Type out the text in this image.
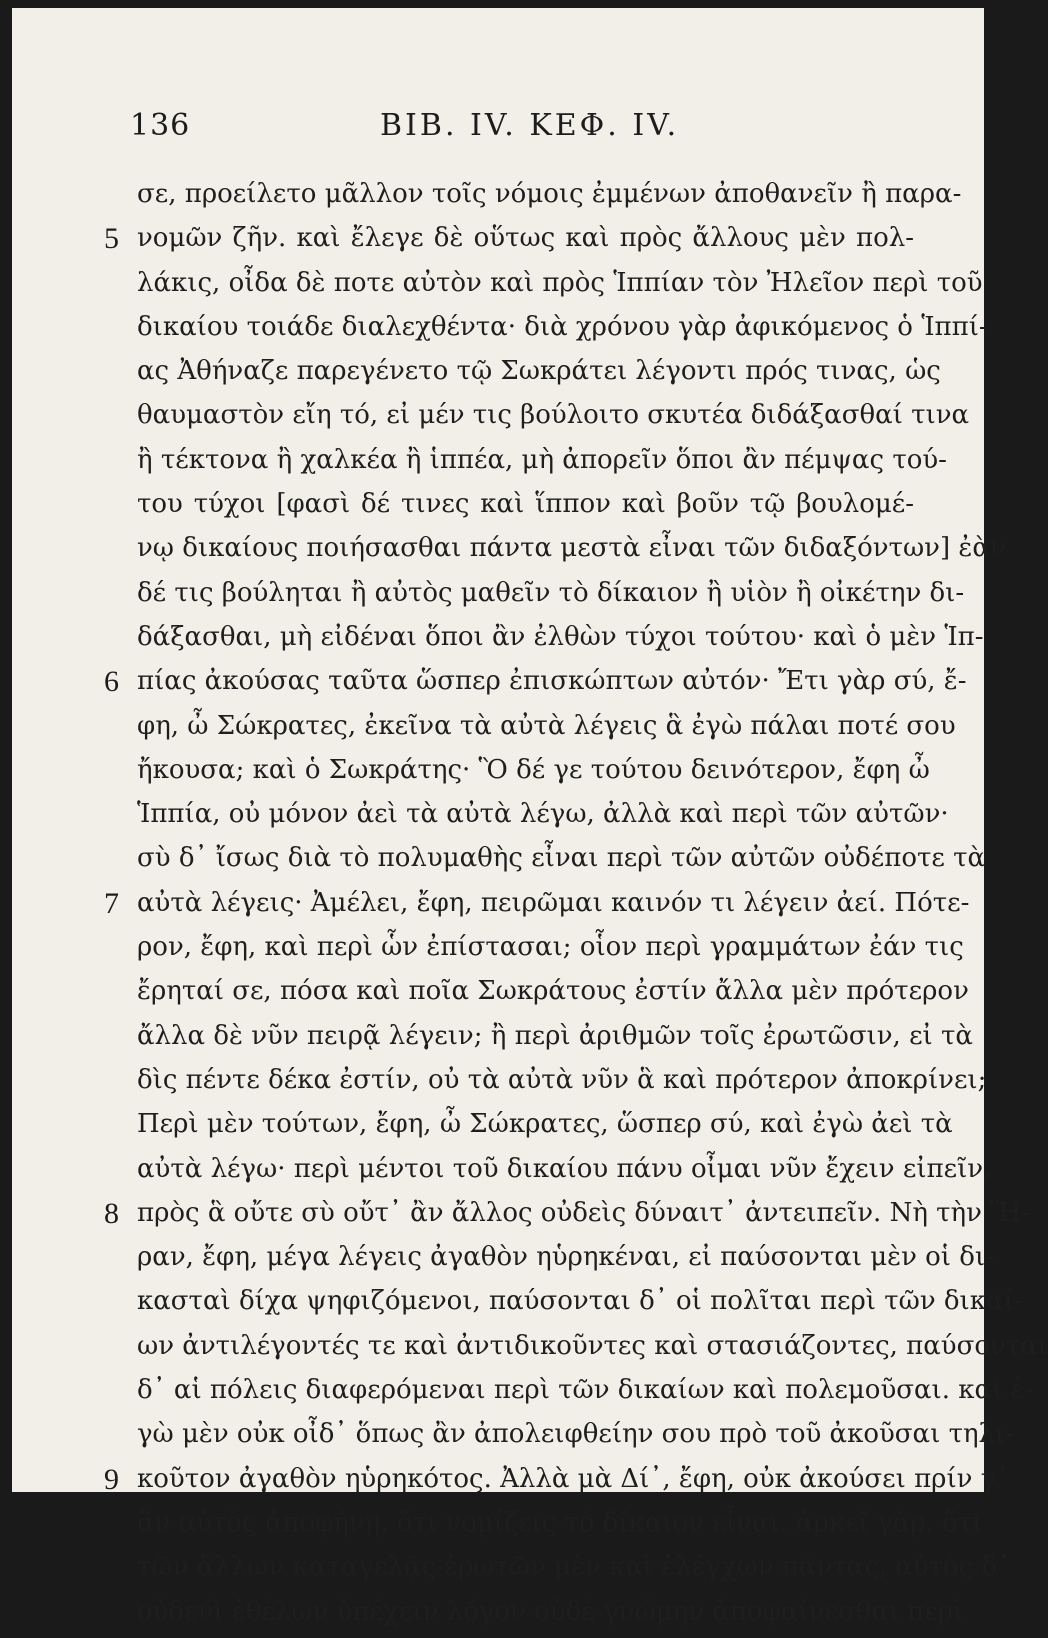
136	ΒΙΒ. IV. ΚΕΦ. IV.
σε, προείλετο μᾶλλον τοῖς νόμοις ἐμμένων ἀποθανεῖν ἢ παρα-
5 νομῶν ζῆν. καὶ ἔλεγε δὲ οὕτως καὶ πρὸς ἄλλους μὲν πολ-
λάκις, οἶδα δὲ ποτε αὐτὸν καὶ πρὸς Ἱππίαν τὸν Ἠλεῖον περὶ τοῦ
δικαίου τοιάδε διαλεχθέντα· διὰ χρόνου γὰρ ἀφικόμενος ὁ Ἱππί-
ας Ἀθήναζε παρεγένετο τῷ Σωκράτει λέγοντι πρός τινας, ὡς
θαυμαστὸν εἴη τό, εἰ μέν τις βούλοιτο σκυτέα διδάξασθαί τινα
ἢ τέκτονα ἢ χαλκέα ἢ ἱππέα, μὴ ἀπορεῖν ὅποι ἂν πέμψας τού-
του τύχοι [φασὶ δέ τινες καὶ ἵππον καὶ βοῦν τῷ βουλομέ-
νῳ δικαίους ποιήσασθαι πάντα μεστὰ εἶναι τῶν διδαξόντων] ἐὰν
δέ τις βούληται ἢ αὐτὸς μαθεῖν τὸ δίκαιον ἢ υἱὸν ἢ οἰκέτην δι-
δάξασθαι, μὴ εἰδέναι ὅποι ἂν ἐλθὼν τύχοι τούτου· καὶ ὁ μὲν Ἱπ-
6 πίας ἀκούσας ταῦτα ὥσπερ ἐπισκώπτων αὐτόν· Ἔτι γὰρ σύ, ἔ-
φη, ὦ Σώκρατες, ἐκεῖνα τὰ αὐτὰ λέγεις ἃ ἐγὼ πάλαι ποτέ σου
ἤκουσα; καὶ ὁ Σωκράτης· Ὃ δέ γε τούτου δεινότερον, ἔφη ὦ
Ἱππία, οὐ μόνον ἀεὶ τὰ αὐτὰ λέγω, ἀλλὰ καὶ περὶ τῶν αὐτῶν·
σὺ δ᾽ ἴσως διὰ τὸ πολυμαθὴς εἶναι περὶ τῶν αὐτῶν οὐδέποτε τὰ
7 αὐτὰ λέγεις· Ἀμέλει, ἔφη, πειρῶμαι καινόν τι λέγειν ἀεί. Πότε-
ρον, ἔφη, καὶ περὶ ὧν ἐπίστασαι; οἷον περὶ γραμμάτων ἐάν τις
ἔρηταί σε, πόσα καὶ ποῖα Σωκράτους ἐστίν ἄλλα μὲν πρότερον
ἄλλα δὲ νῦν πειρᾷ λέγειν; ἢ περὶ ἀριθμῶν τοῖς ἐρωτῶσιν, εἰ τὰ
δὶς πέντε δέκα ἐστίν, οὐ τὰ αὐτὰ νῦν ἃ καὶ πρότερον ἀποκρίνει;
Περὶ μὲν τούτων, ἔφη, ὦ Σώκρατες, ὥσπερ σύ, καὶ ἐγὼ ἀεὶ τὰ
αὐτὰ λέγω· περὶ μέντοι τοῦ δικαίου πάνυ οἶμαι νῦν ἔχειν εἰπεῖν,
8 πρὸς ἃ οὔτε σὺ οὔτ᾽ ἂν ἄλλος οὐδεὶς δύναιτ᾽ ἀντειπεῖν. Νὴ τὴν Ἥ-
ραν, ἔφη, μέγα λέγεις ἀγαθὸν ηὑρηκέναι, εἰ παύσονται μὲν οἱ δι-
κασταὶ δίχα ψηφιζόμενοι, παύσονται δ᾽ οἱ πολῖται περὶ τῶν δικαί-
ων ἀντιλέγοντές τε καὶ ἀντιδικοῦντες καὶ στασιάζοντες, παύσονται
δ᾽ αἱ πόλεις διαφερόμεναι περὶ τῶν δικαίων καὶ πολεμοῦσαι. καὶ ἐ-
γὼ μὲν οὐκ οἶδ᾽ ὅπως ἂν ἀπολειφθείην σου πρὸ τοῦ ἀκοῦσαι τηλι-
9 κοῦτον ἀγαθὸν ηὑρηκότος. Ἀλλὰ μὰ Δί᾽, ἔφη, οὐκ ἀκούσει πρίν γ᾽
ἂν αὐτὸς ἀποφήνῃ, ὅτι νομίζεις τὸ δίκαιον εἶναι. ἀρκεῖ γάρ, ὅτι
τῶν ἄλλων καταγελᾷς ἐρωτῶν μὲν καὶ ἐλέγχων πάντας, αὐτὸς δ᾽
οὐδενὶ ἐθέλων ὑπέχειν λόγον οὐδὲ γνώμην ἀποφαίνεσθαι περὶ
